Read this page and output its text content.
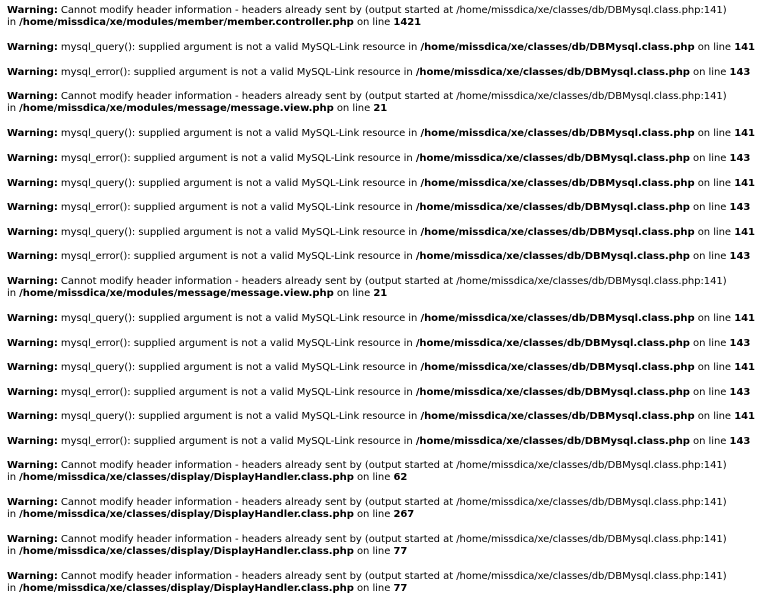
Warning: Cannot modify header information - headers already sent by (output started at /home/missdica/xe/classes/db/DBMysql.class.php:141)
in /home/missdica/xe/modules/member/member.controller.php on line 1421
Warning: mysql_query(): supplied argument is not a valid MySQL-Link resource in /home/missdica/xe/classes/db/DBMysql.class.php on line 141
Warning: mysql_error(): supplied argument is not a valid MySQL-Link resource in /home/missdica/xe/classes/db/DBMysql.class.php on line 143
Warning: Cannot modify header information - headers already sent by (output started at /home/missdica/xe/classes/db/DBMysql.class.php:141)
in /home/missdica/xe/modules/message/message.view.php on line 21
Warning: mysql_query(): supplied argument is not a valid MySQL-Link resource in /home/missdica/xe/classes/db/DBMysql.class.php on line 141
Warning: mysql_error(): supplied argument is not a valid MySQL-Link resource in /home/missdica/xe/classes/db/DBMysql.class.php on line 143
Warning: mysql_query(): supplied argument is not a valid MySQL-Link resource in /home/missdica/xe/classes/db/DBMysql.class.php on line 141
Warning: mysql_error(): supplied argument is not a valid MySQL-Link resource in /home/missdica/xe/classes/db/DBMysql.class.php on line 143
Warning: mysql_query(): supplied argument is not a valid MySQL-Link resource in /home/missdica/xe/classes/db/DBMysql.class.php on line 141
Warning: mysql_error(): supplied argument is not a valid MySQL-Link resource in /home/missdica/xe/classes/db/DBMysql.class.php on line 143
Warning: Cannot modify header information - headers already sent by (output started at /home/missdica/xe/classes/db/DBMysql.class.php:141)
in /home/missdica/xe/modules/message/message.view.php on line 21
Warning: mysql_query(): supplied argument is not a valid MySQL-Link resource in /home/missdica/xe/classes/db/DBMysql.class.php on line 141
Warning: mysql_error(): supplied argument is not a valid MySQL-Link resource in /home/missdica/xe/classes/db/DBMysql.class.php on line 143
Warning: mysql_query(): supplied argument is not a valid MySQL-Link resource in /home/missdica/xe/classes/db/DBMysql.class.php on line 141
Warning: mysql_error(): supplied argument is not a valid MySQL-Link resource in /home/missdica/xe/classes/db/DBMysql.class.php on line 143
Warning: mysql_query(): supplied argument is not a valid MySQL-Link resource in /home/missdica/xe/classes/db/DBMysql.class.php on line 141
Warning: mysql_error(): supplied argument is not a valid MySQL-Link resource in /home/missdica/xe/classes/db/DBMysql.class.php on line 143
Warning: Cannot modify header information - headers already sent by (output started at /home/missdica/xe/classes/db/DBMysql.class.php:141)
in /home/missdica/xe/classes/display/DisplayHandler.class.php on line 62
Warning: Cannot modify header information - headers already sent by (output started at /home/missdica/xe/classes/db/DBMysql.class.php:141)
in /home/missdica/xe/classes/display/DisplayHandler.class.php on line 267
Warning: Cannot modify header information - headers already sent by (output started at /home/missdica/xe/classes/db/DBMysql.class.php:141)
in /home/missdica/xe/classes/display/DisplayHandler.class.php on line 77
Warning: Cannot modify header information - headers already sent by (output started at /home/missdica/xe/classes/db/DBMysql.class.php:141)
in /home/missdica/xe/classes/display/DisplayHandler.class.php on line 77
